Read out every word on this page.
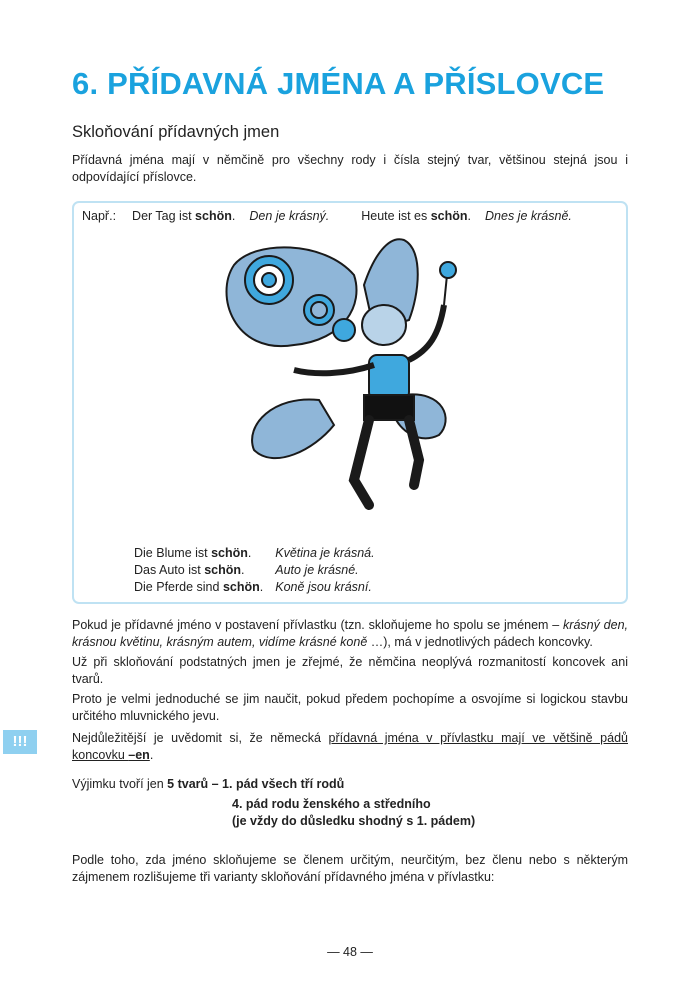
6. PŘÍDAVNÁ JMÉNA A PŘÍSLOVCE
Skloňování přídavných jmen
Přídavná jména mají v němčině pro všechny rody i čísla stejný tvar, většinou stejná jsou i odpovídající příslovce.
Např.: Der Tag ist schön. Den je krásný.	Heute ist es schön. Dnes je krásně.
Die Blume ist schön.	Květina je krásná.
Das Auto ist schön.	Auto je krásné.
Die Pferde sind schön. Koně jsou krásní.
Pokud je přídavné jméno v postavení přívlastku (tzn. skloňujeme ho spolu se jménem – krásný den, krásnou květinu, krásným autem, vidíme krásné koně …), má v jednotlivých pádech koncovky.
Už při skloňování podstatných jmen je zřejmé, že němčina neoplývá rozmanitostí koncovek ani tvarů.
Proto je velmi jednoduché se jim naučit, pokud předem pochopíme a osvojíme si logickou stavbu určitého mluvnického jevu.
!!!	Nejdůležitější je uvědomit si, že německá přídavná jména v přívlastku mají ve většině pádů koncovku –en.
Výjimku tvoří jen 5 tvarů – 1. pád všech tří rodů
4. pád rodu ženského a středního
(je vždy do důsledku shodný s 1. pádem)
Podle toho, zda jméno skloňujeme se členem určitým, neurčitým, bez členu nebo s některým zájmenem rozlišujeme tři varianty skloňování přídavného jména v přívlastku:
— 48 —
